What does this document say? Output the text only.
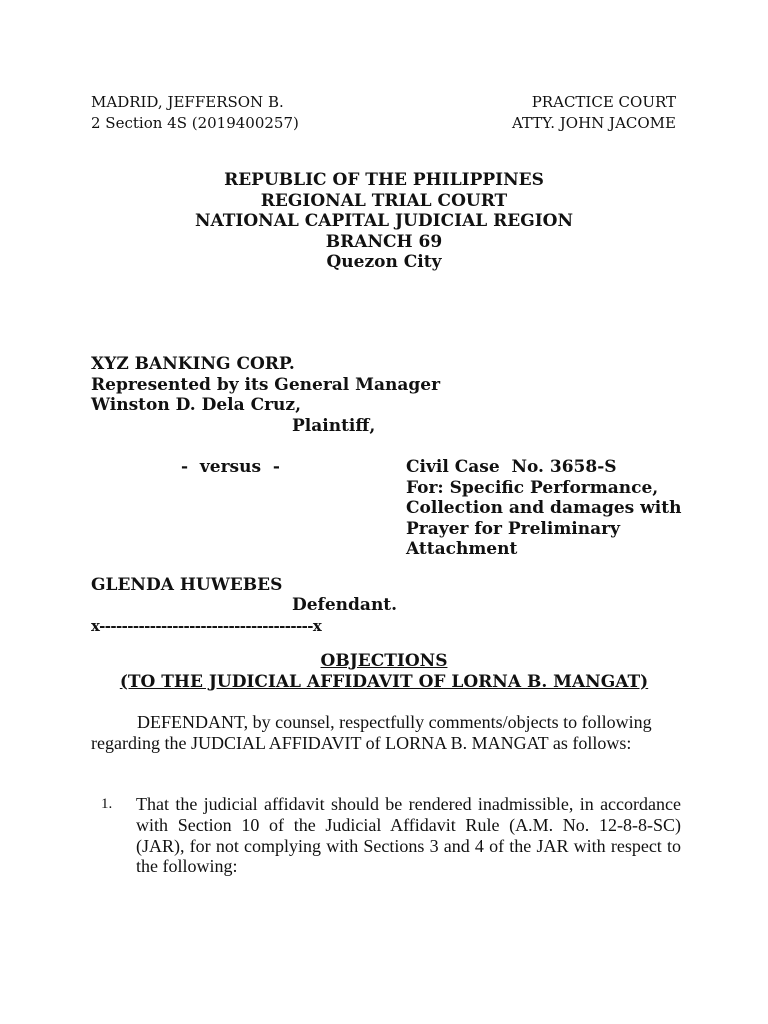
MADRID, JEFFERSON B.
2 Section 4S (2019400257)
PRACTICE COURT
ATTY. JOHN JACOME
REPUBLIC OF THE PHILIPPINES
REGIONAL TRIAL COURT
NATIONAL CAPITAL JUDICIAL REGION
BRANCH 69
Quezon City
XYZ BANKING CORP.
Represented by its General Manager
Winston D. Dela Cruz,
Plaintiff,
-  versus  -	Civil Case  No. 3658-S
For: Specific Performance,
Collection and damages with
Prayer for Preliminary
Attachment
GLENDA HUWEBES
Defendant.
x--------------------------------------x
OBJECTIONS
(TO THE JUDICIAL AFFIDAVIT OF LORNA B. MANGAT)
DEFENDANT, by counsel, respectfully comments/objects to following regarding the JUDCIAL AFFIDAVIT of LORNA B. MANGAT as follows:
1. That the judicial affidavit should be rendered inadmissible, in accordance with Section 10 of the Judicial Affidavit Rule (A.M. No. 12-8-8-SC) (JAR), for not complying with Sections 3 and 4 of the JAR with respect to the following:
